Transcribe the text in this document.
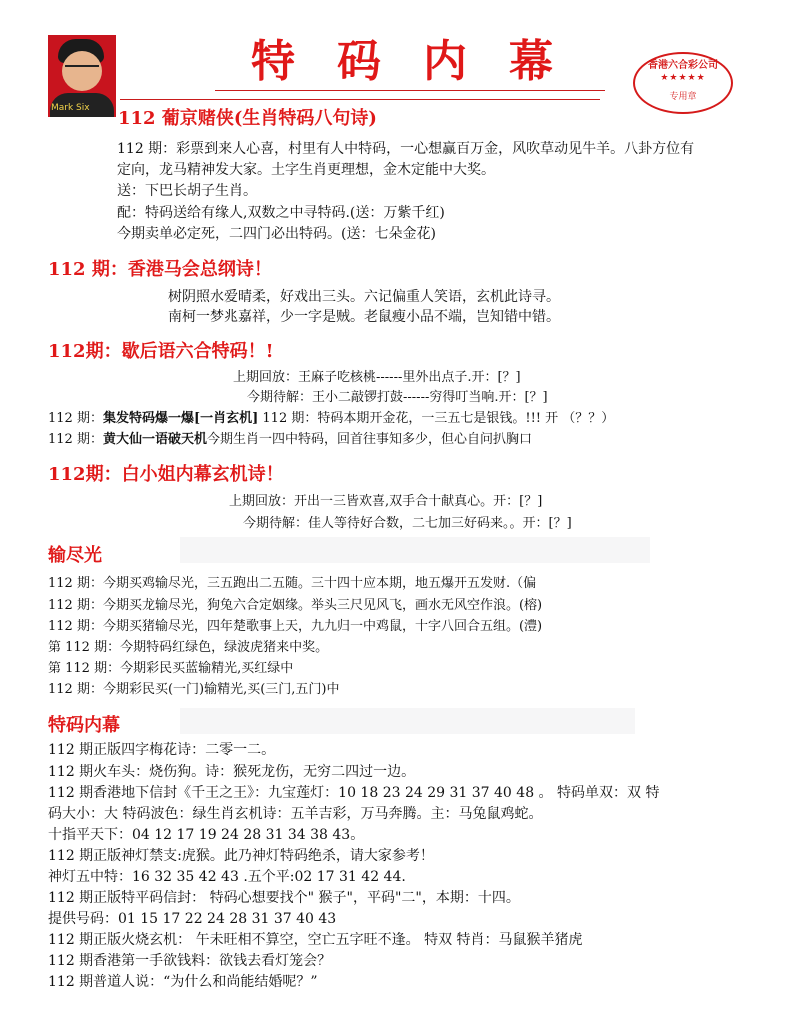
Mark Six
特 码 内 幕	香港六合彩公司
★★★★★
专用章
112 葡京赌侠(生肖特码八句诗)
112 期：彩票到来人心喜，村里有人中特码，一心想赢百万金，风吹草动见牛羊。八卦方位有
定向，龙马精神发大家。土字生肖更理想，金木定能中大奖。
送：下巴长胡子生肖。
配：特码送给有缘人,双数之中寻特码.(送：万紫千红)
今期卖单必定死，二四门必出特码。(送：七朵金花)
112 期：香港马会总纲诗！
树阴照水爱晴柔，好戏出三头。六记偏重人笑语，玄机此诗寻。
南柯一梦兆嘉祥，少一字是贼。老鼠瘦小品不端，岂知错中错。
112期：歇后语六合特码！!
上期回放：王麻子吃核桃------里外出点子.开：[？]
今期待解：王小二敲锣打鼓------穷得叮当响.开：[？]
112 期：集发特码爆一爆[一肖玄机] 112 期：特码本期开金花，一三五七是银钱。!!! 开 （？？）
112 期：黄大仙一语破天机今期生肖一四中特码，回首往事知多少，但心自问扒胸口
112期：白小姐内幕玄机诗！
上期回放：开出一三皆欢喜,双手合十献真心。开：[？]
今期待解：佳人等待好合数，二七加三好码来。。开：[？]
输尽光
112 期：今期买鸡输尽光，三五跑出二五随。三十四十应本期，地五爆开五发财.（偏
112 期：今期买龙输尽光，狗兔六合定姻缘。举头三尺见风飞，画水无风空作浪。(榕)
112 期：今期买猪输尽光，四年楚歌事上天，九九归一中鸡鼠，十字八回合五组。(澧)
第 112 期：今期特码红绿色，绿波虎猪来中奖。
第 112 期：今期彩民买蓝输精光,买红绿中
112 期：今期彩民买(一门)输精光,买(三门,五门)中
特码内幕
112 期正版四字梅花诗：二零一二。
112 期火车头：烧伤狗。诗：猴死龙伤，无穷二四过一边。
112 期香港地下信封《千王之王》：九宝莲灯：10 18 23 24 29 31 37 40 48 。 特码单双：双 特
码大小：大 特码波色：绿生肖玄机诗：五羊吉彩，万马奔腾。主：马兔鼠鸡蛇。
十指平天下：04 12 17 19 24 28 31 34 38 43。
112 期正版神灯禁支:虎猴。此乃神灯特码绝杀，请大家参考！
神灯五中特：16 32 35 42 43 .五个平:02 17 31 42 44.
112 期正版特平码信封： 特码心想要找个" 猴子"，平码"二"，本期：十四。
提供号码：01 15 17 22 24 28 31 37 40 43
112 期正版火烧玄机： 午未旺相不算空，空亡五字旺不逢。 特双 特肖：马鼠猴羊猪虎
112 期香港第一手欲钱料：欲钱去看灯笼会？
112 期普道人说：“为什么和尚能结婚呢？”
